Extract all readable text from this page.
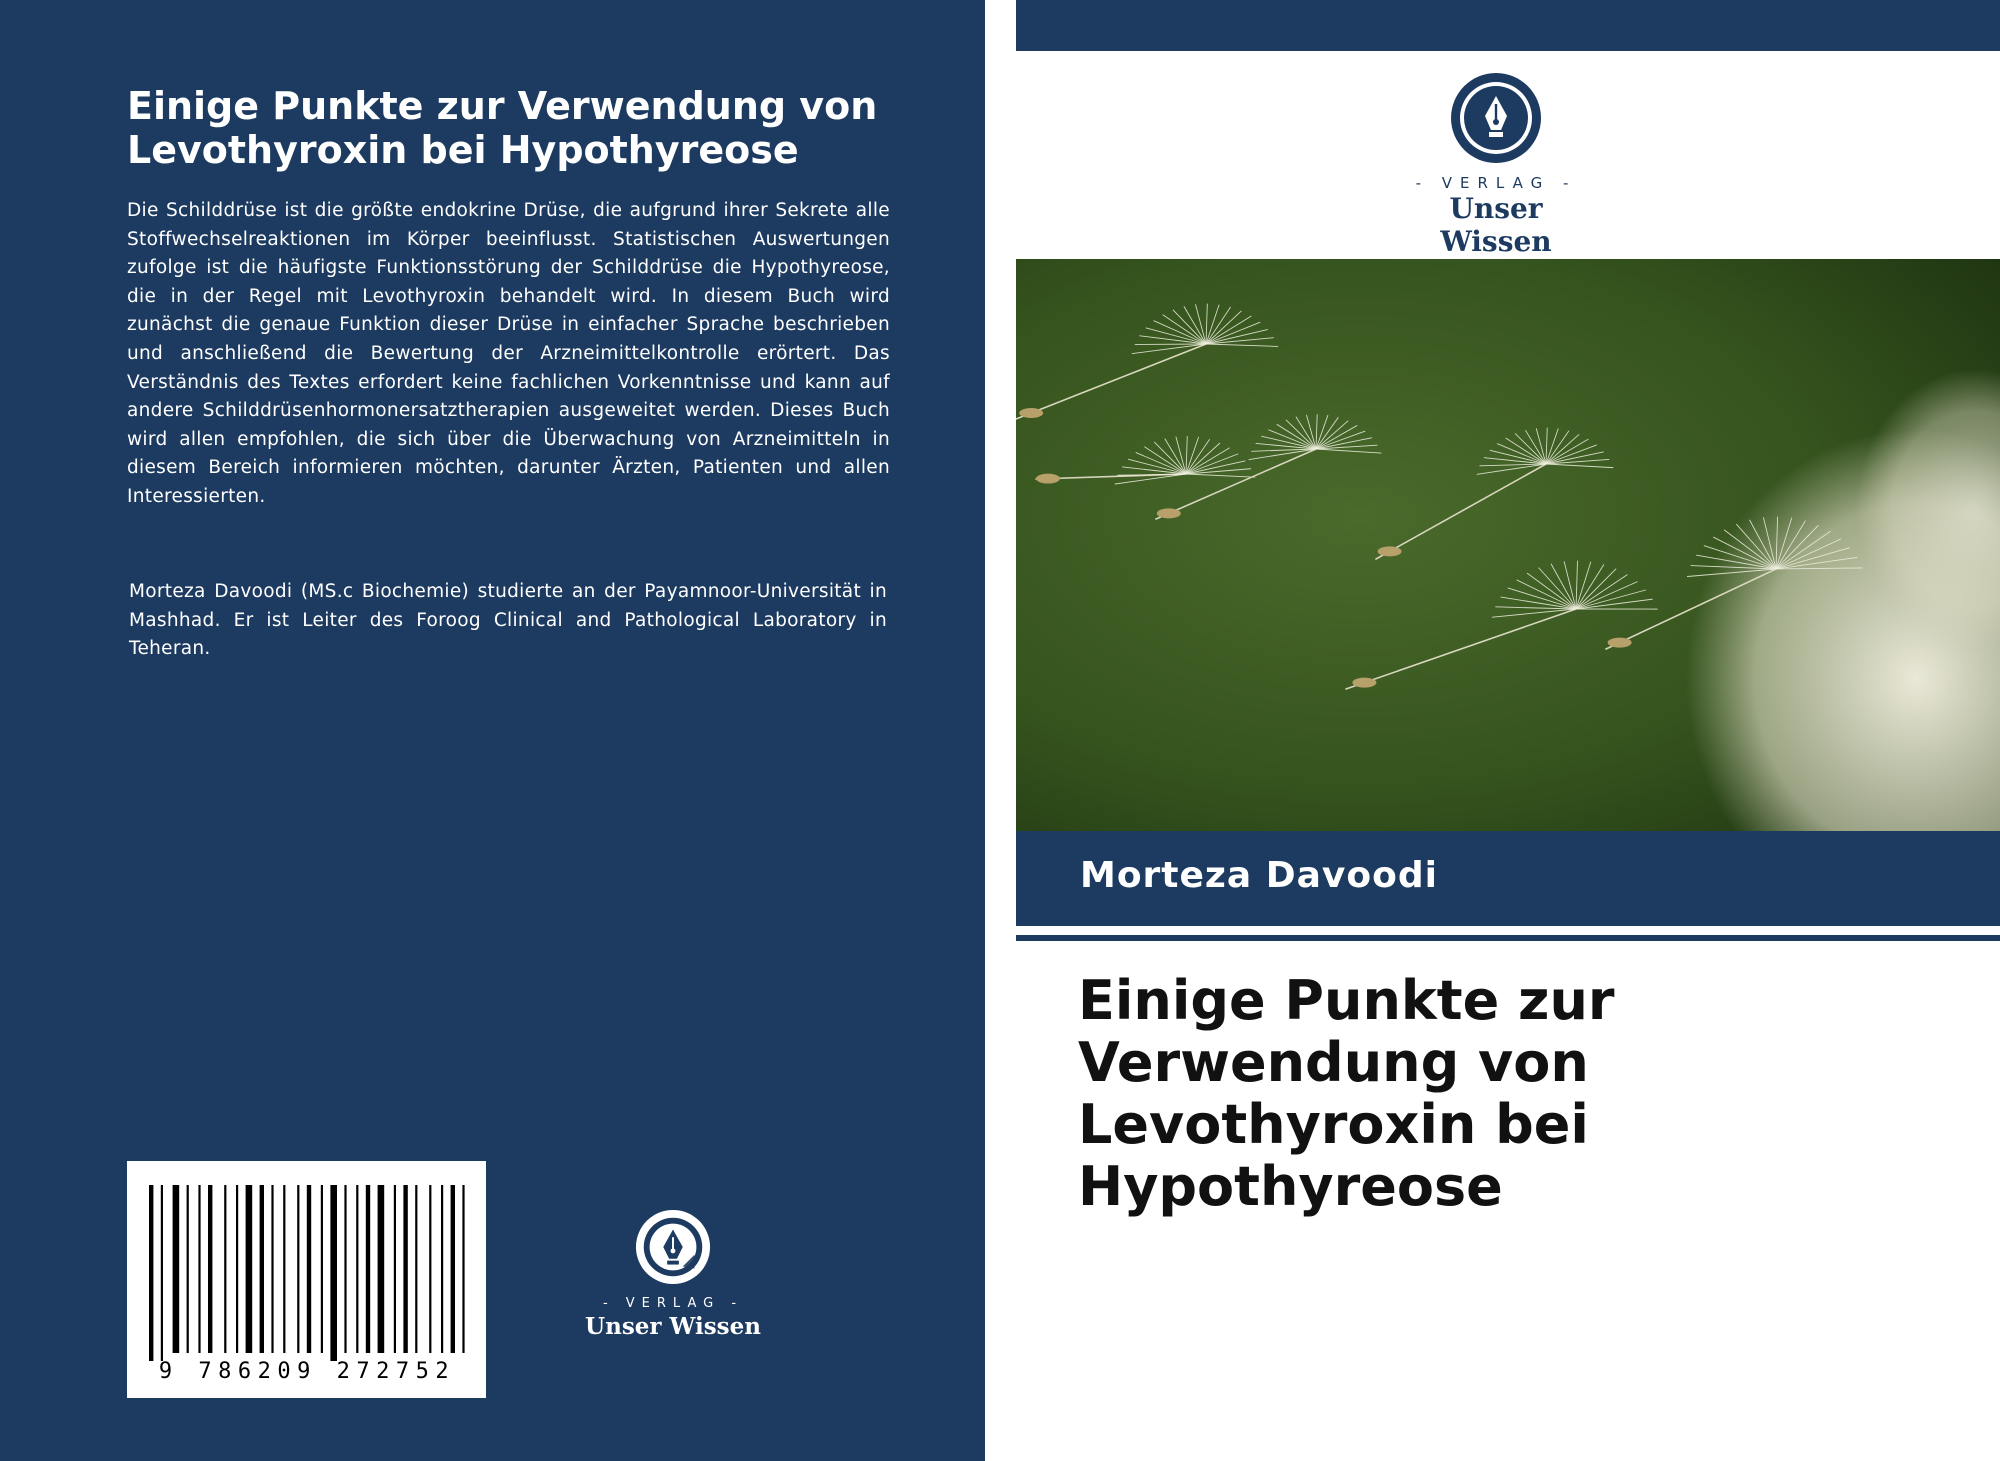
Einige Punkte zur Verwendung von Levothyroxin bei Hypothyreose

Die Schilddrüse ist die größte endokrine Drüse, die aufgrund ihrer Sekrete alle Stoffwechselreaktionen im Körper beeinflusst. Statistischen Auswertungen zufolge ist die häufigste Funktionsstörung der Schilddrüse die Hypothyreose, die in der Regel mit Levothyroxin behandelt wird. In diesem Buch wird zunächst die genaue Funktion dieser Drüse in einfacher Sprache beschrieben und anschließend die Bewertung der Arzneimittelkontrolle erörtert. Das Verständnis des Textes erfordert keine fachlichen Vorkenntnisse und kann auf andere Schilddrüsenhormonersatztherapien ausgeweitet werden. Dieses Buch wird allen empfohlen, die sich über die Überwachung von Arzneimitteln in diesem Bereich informieren möchten, darunter Ärzten, Patienten und allen Interessierten.

Morteza Davoodi (MS.c Biochemie) studierte an der Payamnoor-Universität in Mashhad. Er ist Leiter des Foroog Clinical and Pathological Laboratory in Teheran.

9 786209 272752
- VERLAG -
Unser Wissen
- VERLAG -
Unser Wissen
Morteza Davoodi
Einige Punkte zur Verwendung von Levothyroxin bei Hypothyreose
